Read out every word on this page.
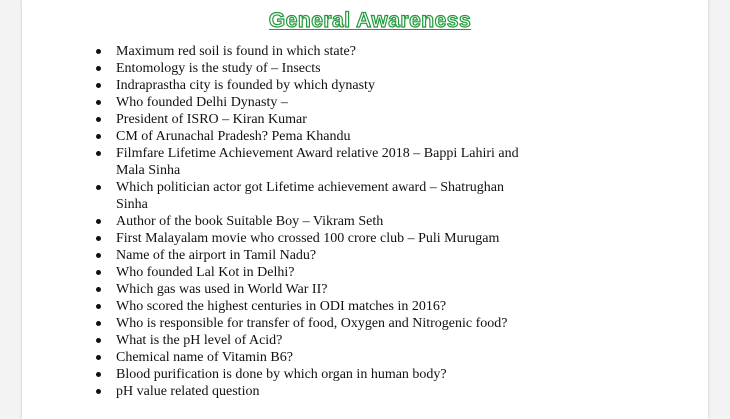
General Awareness
Maximum red soil is found in which state?
Entomology is the study of – Insects
Indraprastha city is founded by which dynasty
Who founded Delhi Dynasty –
President of ISRO – Kiran Kumar
CM of Arunachal Pradesh? Pema Khandu
Filmfare Lifetime Achievement Award relative 2018 – Bappi Lahiri and
Mala Sinha
Which politician actor got Lifetime achievement award – Shatrughan
Sinha
Author of the book Suitable Boy – Vikram Seth
First Malayalam movie who crossed 100 crore club – Puli Murugam
Name of the airport in Tamil Nadu?
Who founded Lal Kot in Delhi?
Which gas was used in World War II?
Who scored the highest centuries in ODI matches in 2016?
Who is responsible for transfer of food, Oxygen and Nitrogenic food?
What is the pH level of Acid?
Chemical name of Vitamin B6?
Blood purification is done by which organ in human body?
pH value related question
